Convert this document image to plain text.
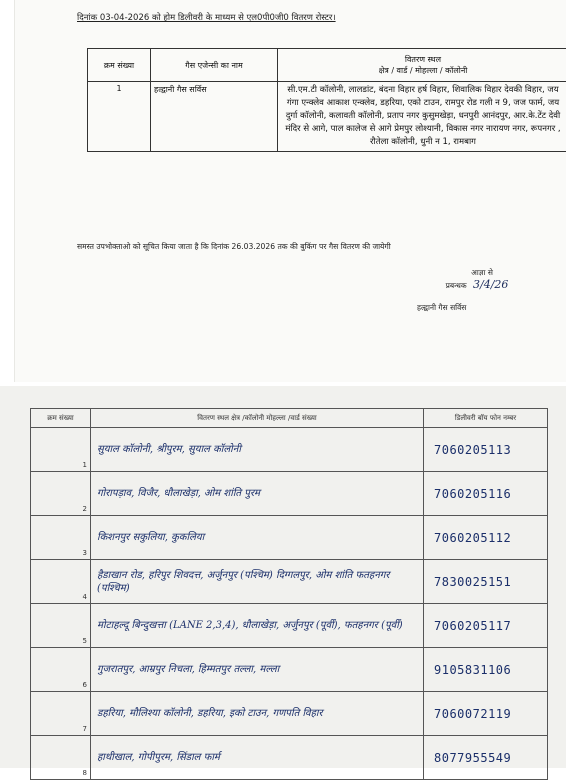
दिनांक 03-04-2026 को होम डिलीवरी के माध्यम से एल0पी0जी0 वितरण रोस्टर।
क्रम संख्या	गैस एजेन्सी का नाम	वितरण स्थल
क्षेत्र / वार्ड / मोहल्ला / कॉलोनी

1	हल्द्वानी गैस सर्विस	सी.एम.टी कॉलोनी, लालडांट, बंदना विहार हर्ष विहार, शिवालिक विहार देवकी विहार, जय गंगा एन्क्लेव आकाश एन्क्लेव, डहरिया, एको टाउन, रामपुर रोड गली न 9, जज फार्म, जय दुर्गा कॉलोनी, कलावती कॉलोनी, प्रताप नगर कुसुमखेड़ा, धनपुरी आनंदपुर, आर.के.टेंट देवी मंदिर से आगे, पाल कालेज से आगे प्रेमपुर लोश्यानी, विकास नगर नारायण नगर, रूपनगर , रौतेला कॉलोनी, धुनी न 1, रामबाग
समस्त उपभोक्ताओ को सूचित किया जाता है कि दिनांक 26.03.2026 तक की बुकिंग पर गैस वितरण की जायेगी
आज्ञा से
प्रबन्धक 3/4/26
हल्द्वानी गैस सर्विस
क्रम संख्या	वितरण स्थल क्षेत्र /कॉलोनी मोहल्ला /वार्ड संख्या	डिलीवरी बॉय फोन नम्बर
1	सुयाल कॉलोनी, श्रीपुरम, सुयाल कॉलोनी	7060205113
2	गोरापड़ाव, विजैर, धौलाखेड़ा, ओम शांति पुरम	7060205116
3	किशनपुर सकुलिया, कुकलिया	7060205112
4	हैडाखान रोड, हरिपुर शिवदत्त, अर्जुनपुर (पश्चिम) दिग्गलपुर, ओम शांति फतहनगर (पश्चिम)	7830025151
5	मोटाहल्दू बिन्दुखत्ता (LANE 2,3,4), धौलाखेड़ा, अर्जुनपुर (पूर्वी), फतहनगर (पूर्वी)	7060205117
6	गुजरातपुर, आम्रपुर निचला, हिम्मतपुर तल्ला, मल्ला	9105831106
7	डहरिया, मौलिश्या कॉलोनी, डहरिया, इको टाउन, गणपति विहार	7060072119
8	हाथीखाल, गोपीपुरम, सिंडाल फार्म	8077955549
